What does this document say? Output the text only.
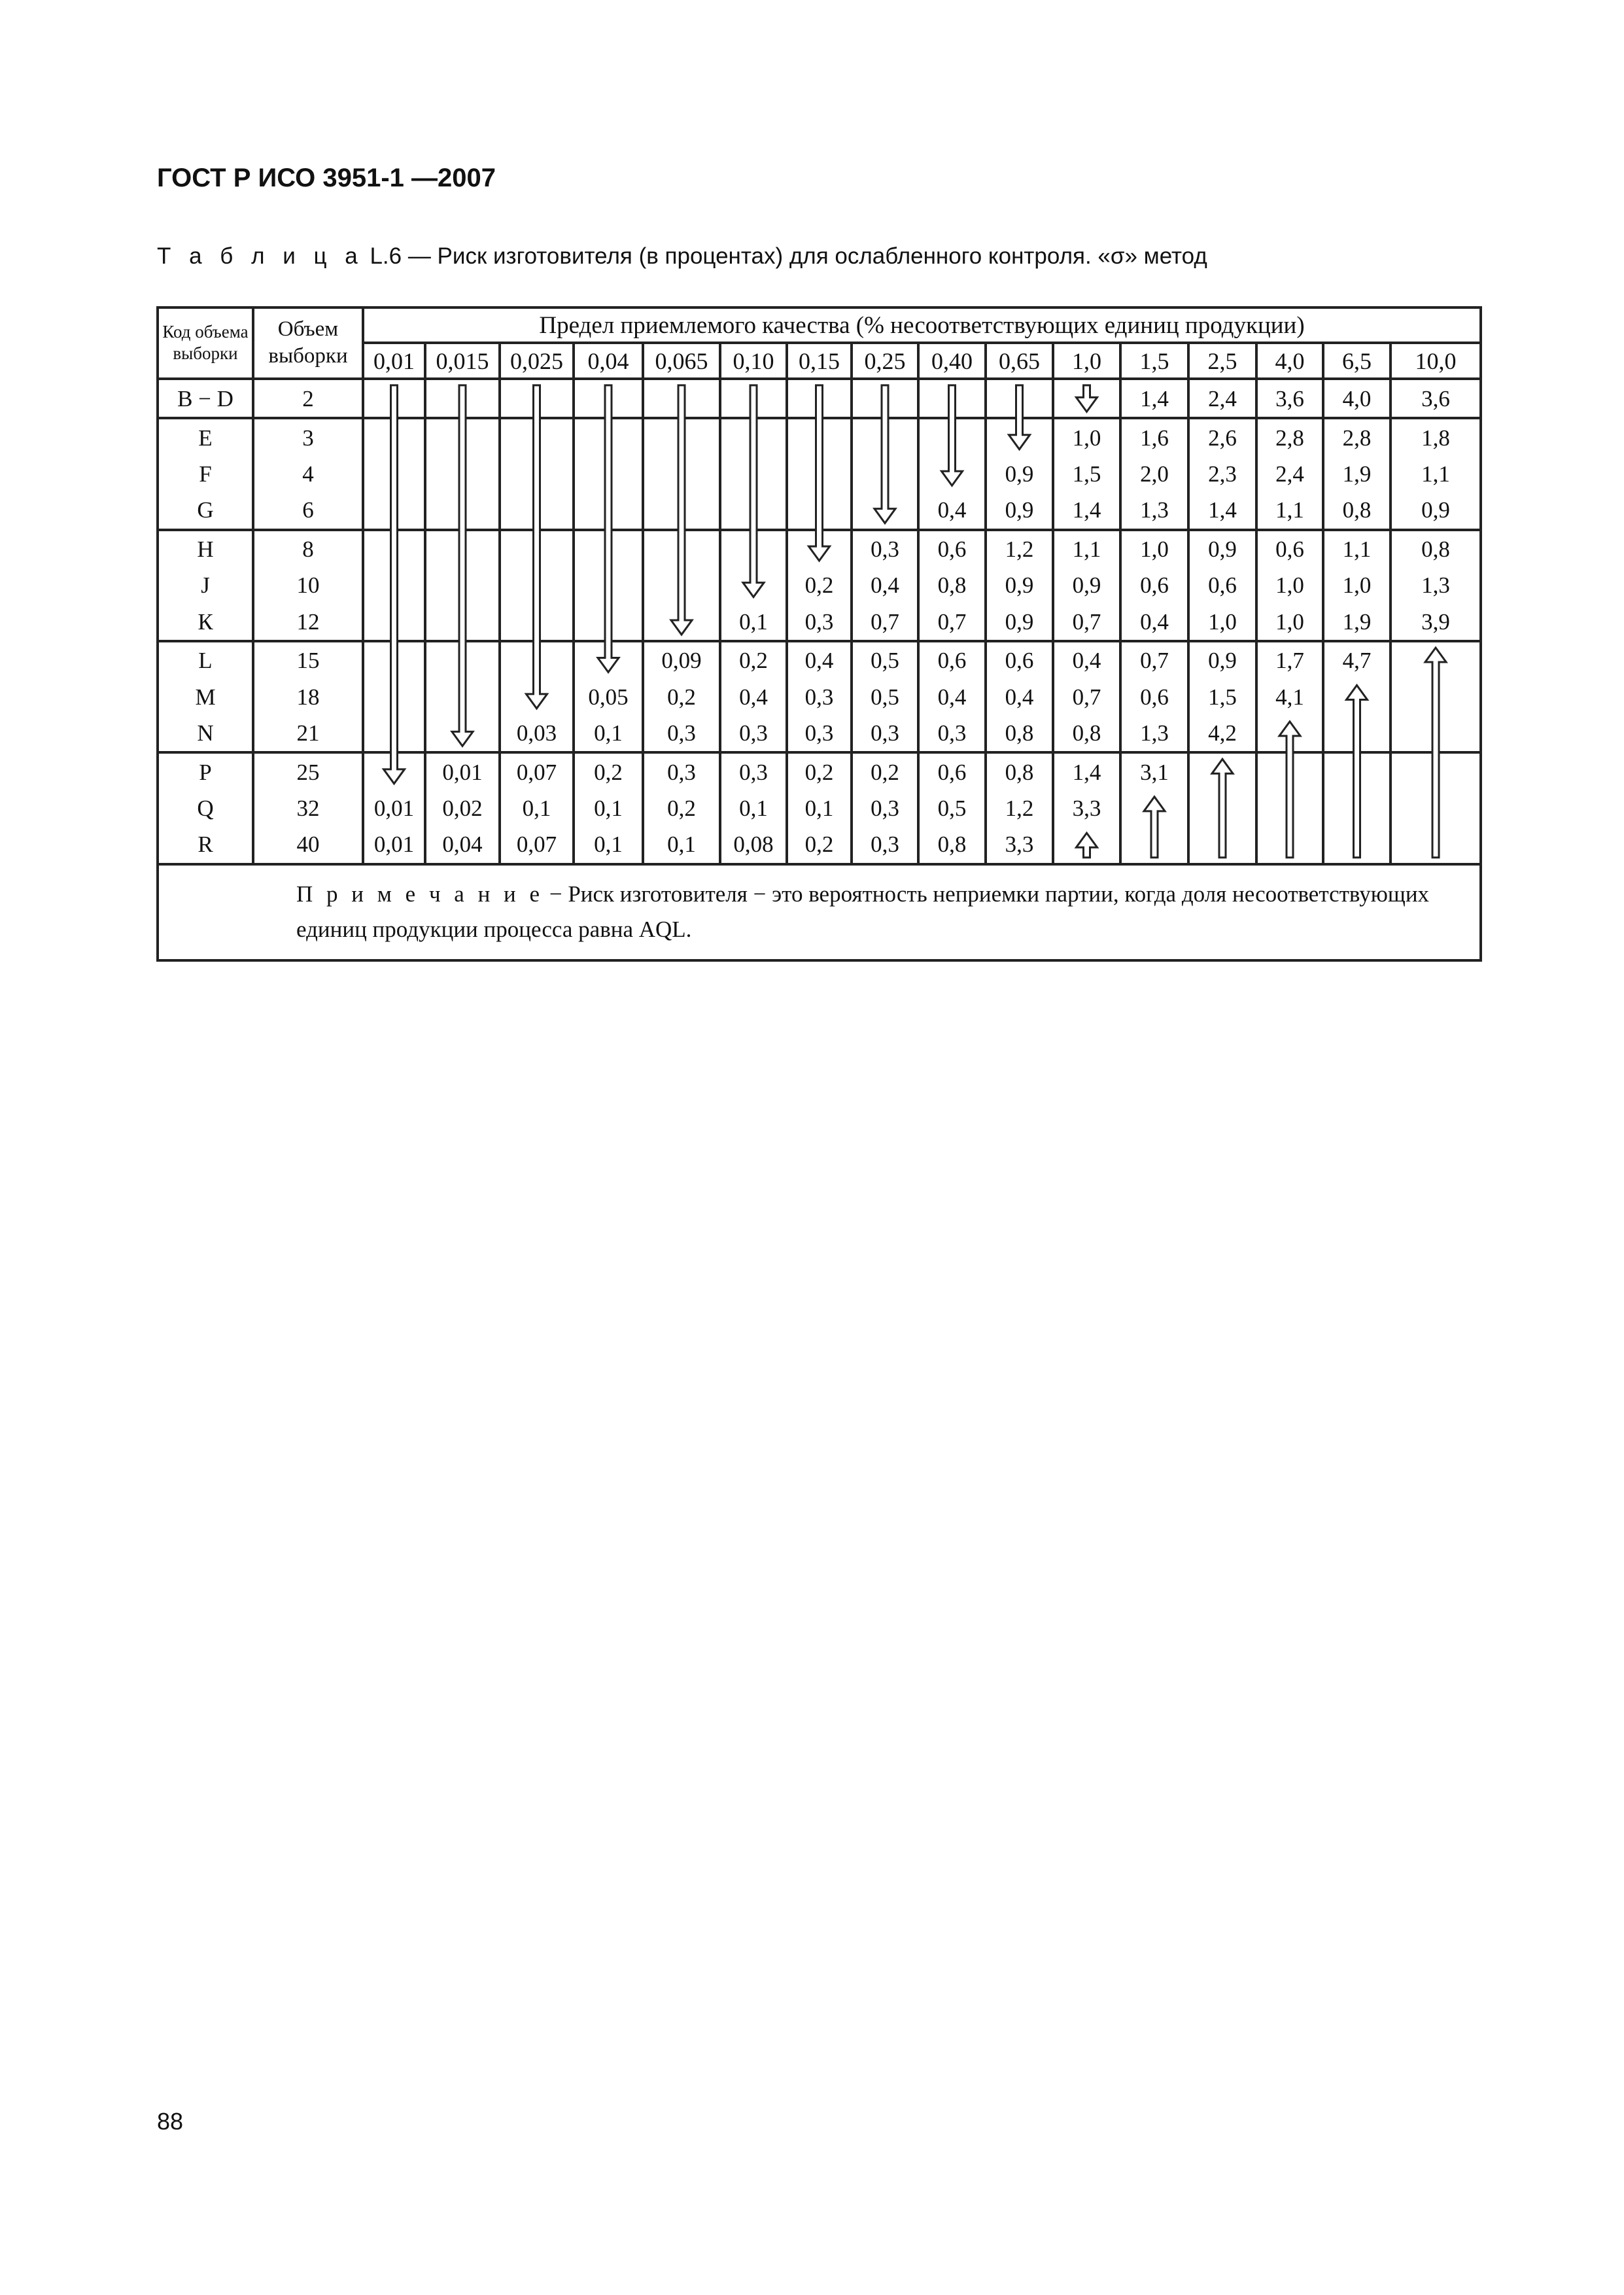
ГОСТ Р ИСО 3951-1 —2007
Т а б л и ц а L.6 — Риск изготовителя (в процентах) для ослабленного контроля. «σ» метод
Код объема выборки	Объем выборки	Предел приемлемого качества (% несоответствующих единиц продукции)															
		0,01	0,015	0,025	0,04	0,065	0,10	0,15	0,25	0,40	0,65	1,0	1,5	2,5	4,0	6,5	10,0
B − D	2												1,4	2,4	3,6	4,0	3,6
E	3											1,0	1,6	2,6	2,8	2,8	1,8
F	4										0,9	1,5	2,0	2,3	2,4	1,9	1,1
G	6									0,4	0,9	1,4	1,3	1,4	1,1	0,8	0,9
H	8								0,3	0,6	1,2	1,1	1,0	0,9	0,6	1,1	0,8
J	10							0,2	0,4	0,8	0,9	0,9	0,6	0,6	1,0	1,0	1,3
К	12						0,1	0,3	0,7	0,7	0,9	0,7	0,4	1,0	1,0	1,9	3,9
L	15					0,09	0,2	0,4	0,5	0,6	0,6	0,4	0,7	0,9	1,7	4,7	
M	18				0,05	0,2	0,4	0,3	0,5	0,4	0,4	0,7	0,6	1,5	4,1		
N	21			0,03	0,1	0,3	0,3	0,3	0,3	0,3	0,8	0,8	1,3	4,2			
P	25		0,01	0,07	0,2	0,3	0,3	0,2	0,2	0,6	0,8	1,4	3,1				
Q	32	0,01	0,02	0,1	0,1	0,2	0,1	0,1	0,3	0,5	1,2	3,3					
R	40	0,01	0,04	0,07	0,1	0,1	0,08	0,2	0,3	0,8	3,3						
П р и м е ч а н и е − Риск изготовителя − это вероятность неприемки партии, когда доля несоответствующих единиц продукции процесса равна AQL.																	
88
